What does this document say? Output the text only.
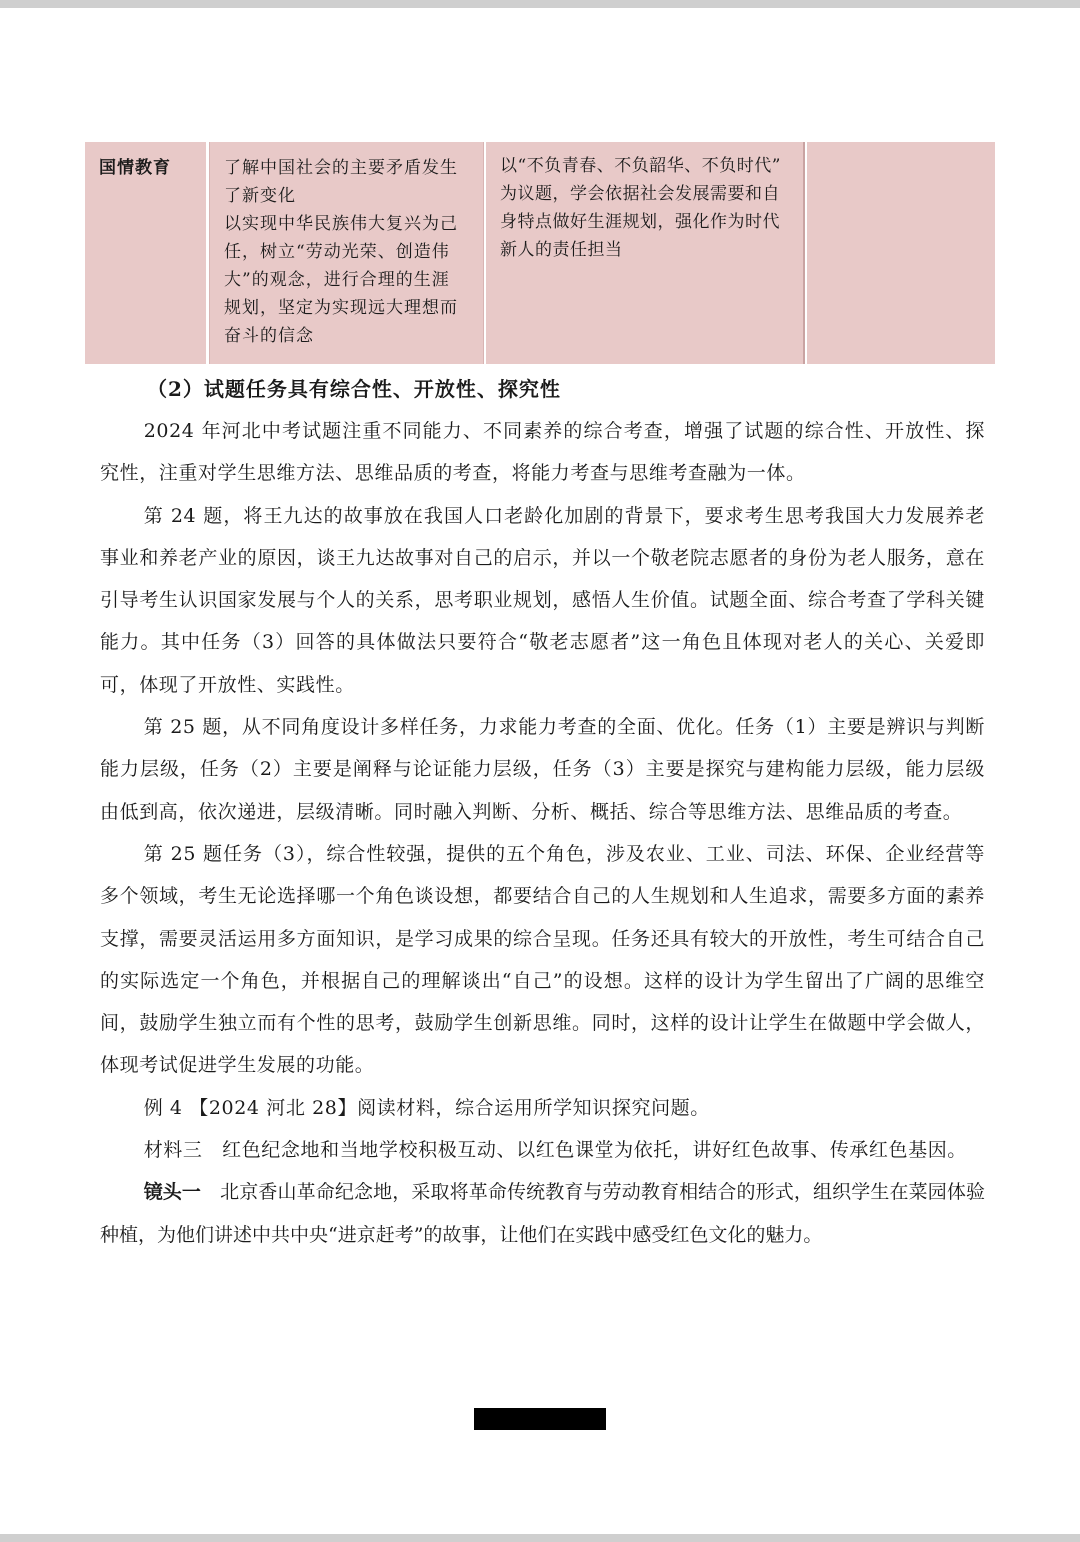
国情教育	了解中国社会的主要矛盾发生
了新变化
以实现中华民族伟大复兴为己
任，树立“劳动光荣、创造伟
大”的观念，进行合理的生涯
规划，坚定为实现远大理想而
奋斗的信念
以“不负青春、不负韶华、不负时代”
为议题，学会依据社会发展需要和自
身特点做好生涯规划，强化作为时代
新人的责任担当

（2）试题任务具有综合性、开放性、探究性

2024 年河北中考试题注重不同能力、不同素养的综合考查，增强了试题的综合性、开放性、探究性，注重对学生思维方法、思维品质的考查，将能力考查与思维考查融为一体。

第 24 题，将王九达的故事放在我国人口老龄化加剧的背景下，要求考生思考我国大力发展养老事业和养老产业的原因，谈王九达故事对自己的启示，并以一个敬老院志愿者的身份为老人服务，意在引导考生认识国家发展与个人的关系，思考职业规划，感悟人生价值。试题全面、综合考查了学科关键能力。其中任务（3）回答的具体做法只要符合“敬老志愿者”这一角色且体现对老人的关心、关爱即可，体现了开放性、实践性。

第 25 题，从不同角度设计多样任务，力求能力考查的全面、优化。任务（1）主要是辨识与判断能力层级，任务（2）主要是阐释与论证能力层级，任务（3）主要是探究与建构能力层级，能力层级由低到高，依次递进，层级清晰。同时融入判断、分析、概括、综合等思维方法、思维品质的考查。

第 25 题任务（3），综合性较强，提供的五个角色，涉及农业、工业、司法、环保、企业经营等多个领域，考生无论选择哪一个角色谈设想，都要结合自己的人生规划和人生追求，需要多方面的素养支撑，需要灵活运用多方面知识，是学习成果的综合呈现。任务还具有较大的开放性，考生可结合自己的实际选定一个角色，并根据自己的理解谈出“自己”的设想。这样的设计为学生留出了广阔的思维空间，鼓励学生独立而有个性的思考，鼓励学生创新思维。同时，这样的设计让学生在做题中学会做人，体现考试促进学生发展的功能。

例 4 【2024 河北 28】阅读材料，综合运用所学知识探究问题。

材料三　红色纪念地和当地学校积极互动、以红色课堂为依托，讲好红色故事、传承红色基因。

镜头一　北京香山革命纪念地，采取将革命传统教育与劳动教育相结合的形式，组织学生在菜园体验种植，为他们讲述中共中央“进京赶考”的故事，让他们在实践中感受红色文化的魅力。
